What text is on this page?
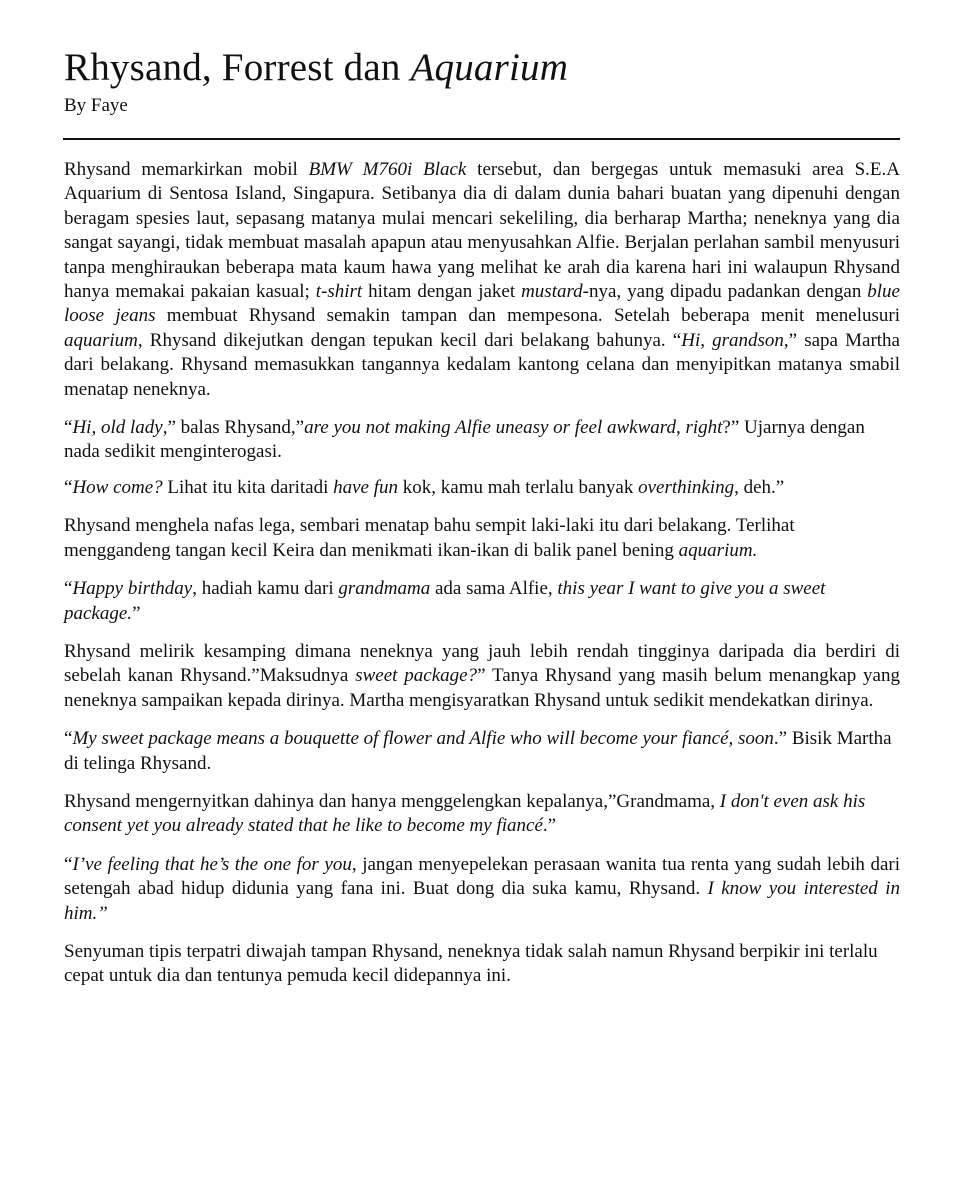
Rhysand, Forrest dan Aquarium
By Faye

Rhysand memarkirkan mobil BMW M760i Black tersebut, dan bergegas untuk memasuki area S.E.A Aquarium di Sentosa Island, Singapura. Setibanya dia di dalam dunia bahari buatan yang dipenuhi dengan beragam spesies laut, sepasang matanya mulai mencari sekeliling, dia berharap Martha; neneknya yang dia sangat sayangi, tidak membuat masalah apapun atau menyusahkan Alfie. Berjalan perlahan sambil menyusuri tanpa menghiraukan beberapa mata kaum hawa yang melihat ke arah dia karena hari ini walaupun Rhysand hanya memakai pakaian kasual; t-shirt hitam dengan jaket mustard-nya, yang dipadu padankan dengan blue loose jeans membuat Rhysand semakin tampan dan mempesona. Setelah beberapa menit menelusuri aquarium, Rhysand dikejutkan dengan tepukan kecil dari belakang bahunya. “Hi, grandson,” sapa Martha dari belakang. Rhysand memasukkan tangannya kedalam kantong celana dan menyipitkan matanya smabil menatap neneknya.

“Hi, old lady,” balas Rhysand,”are you not making Alfie uneasy or feel awkward, right?” Ujarnya dengan nada sedikit menginterogasi.

“How come? Lihat itu kita daritadi have fun kok, kamu mah terlalu banyak overthinking, deh.”

Rhysand menghela nafas lega, sembari menatap bahu sempit laki-laki itu dari belakang. Terlihat menggandeng tangan kecil Keira dan menikmati ikan-ikan di balik panel bening aquarium.

“Happy birthday, hadiah kamu dari grandmama ada sama Alfie, this year I want to give you a sweet package.”

Rhysand melirik kesamping dimana neneknya yang jauh lebih rendah tingginya daripada dia berdiri di sebelah kanan Rhysand.”Maksudnya sweet package?” Tanya Rhysand yang masih belum menangkap yang neneknya sampaikan kepada dirinya. Martha mengisyaratkan Rhysand untuk sedikit mendekatkan dirinya.

“My sweet package means a bouquette of flower and Alfie who will become your fiancé, soon.” Bisik Martha di telinga Rhysand.

Rhysand mengernyitkan dahinya dan hanya menggelengkan kepalanya,”Grandmama, I don't even ask his consent yet you already stated that he like to become my fiancé.”

“I’ve feeling that he’s the one for you, jangan menyepelekan perasaan wanita tua renta yang sudah lebih dari setengah abad hidup didunia yang fana ini. Buat dong dia suka kamu, Rhysand. I know you interested in him.”

Senyuman tipis terpatri diwajah tampan Rhysand, neneknya tidak salah namun Rhysand berpikir ini terlalu cepat untuk dia dan tentunya pemuda kecil didepannya ini.
